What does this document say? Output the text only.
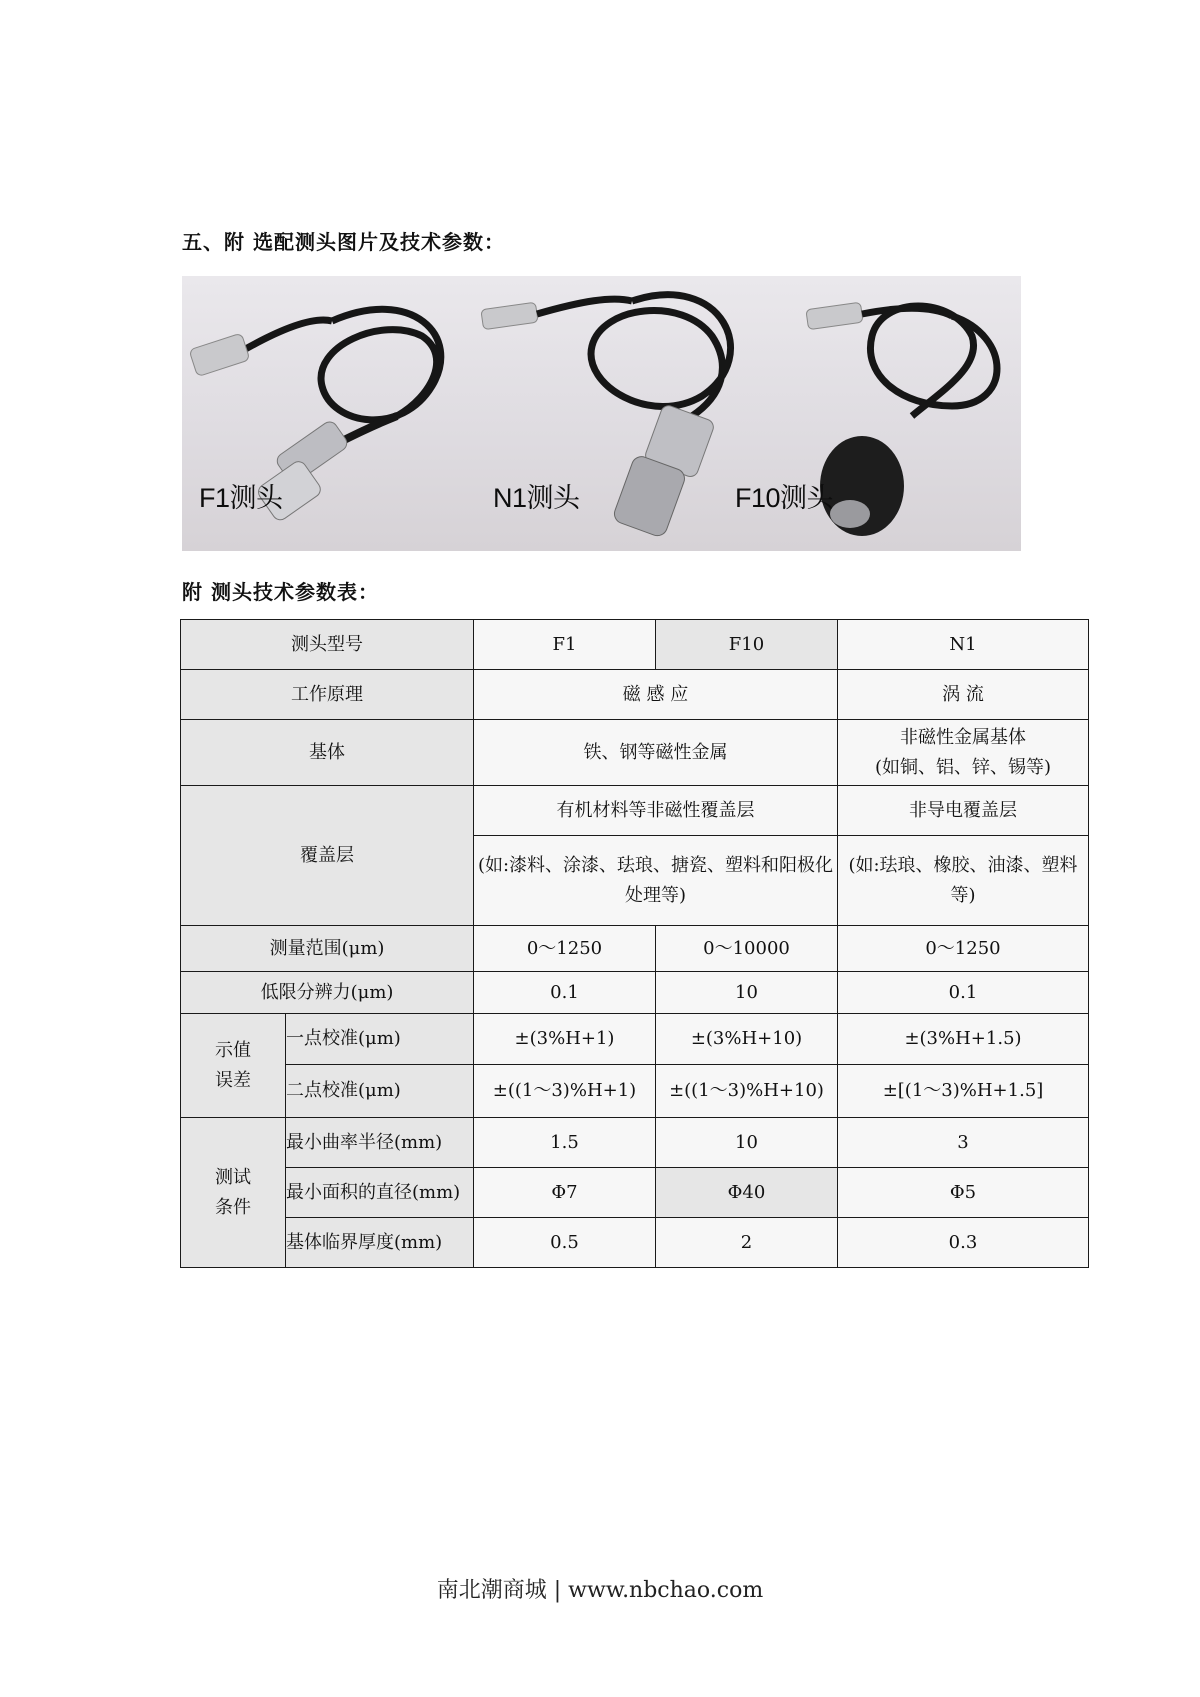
五、附 选配测头图片及技术参数：
F1测头	N1测头	F10测头
附 测头技术参数表：
测头型号		F1	F10	N1
工作原理		磁 感 应		涡 流
基体		铁、钢等磁性金属		非磁性金属基体
(如铜、铝、锌、锡等)

覆盖层		有机材料等非磁性覆盖层		非导电覆盖层
		(如:漆料、涂漆、珐琅、搪瓷、塑料和阳极化处理等)		(如:珐琅、橡胶、油漆、塑料等)
测量范围(μm)		0～1250	0～10000	0～1250
低限分辨力(μm)		0.1	10	0.1
示值误差	一点校准(μm)	±(3%H+1)	±(3%H+10)	±(3%H+1.5)
	二点校准(μm)	±((1～3)%H+1)	±((1～3)%H+10)	±[(1～3)%H+1.5]
测试条件	最小曲率半径(mm)	1.5	10	3
	最小面积的直径(mm)	Φ7	Φ40	Φ5
	基体临界厚度(mm)	0.5	2	0.3
南北潮商城 | www.nbchao.com
